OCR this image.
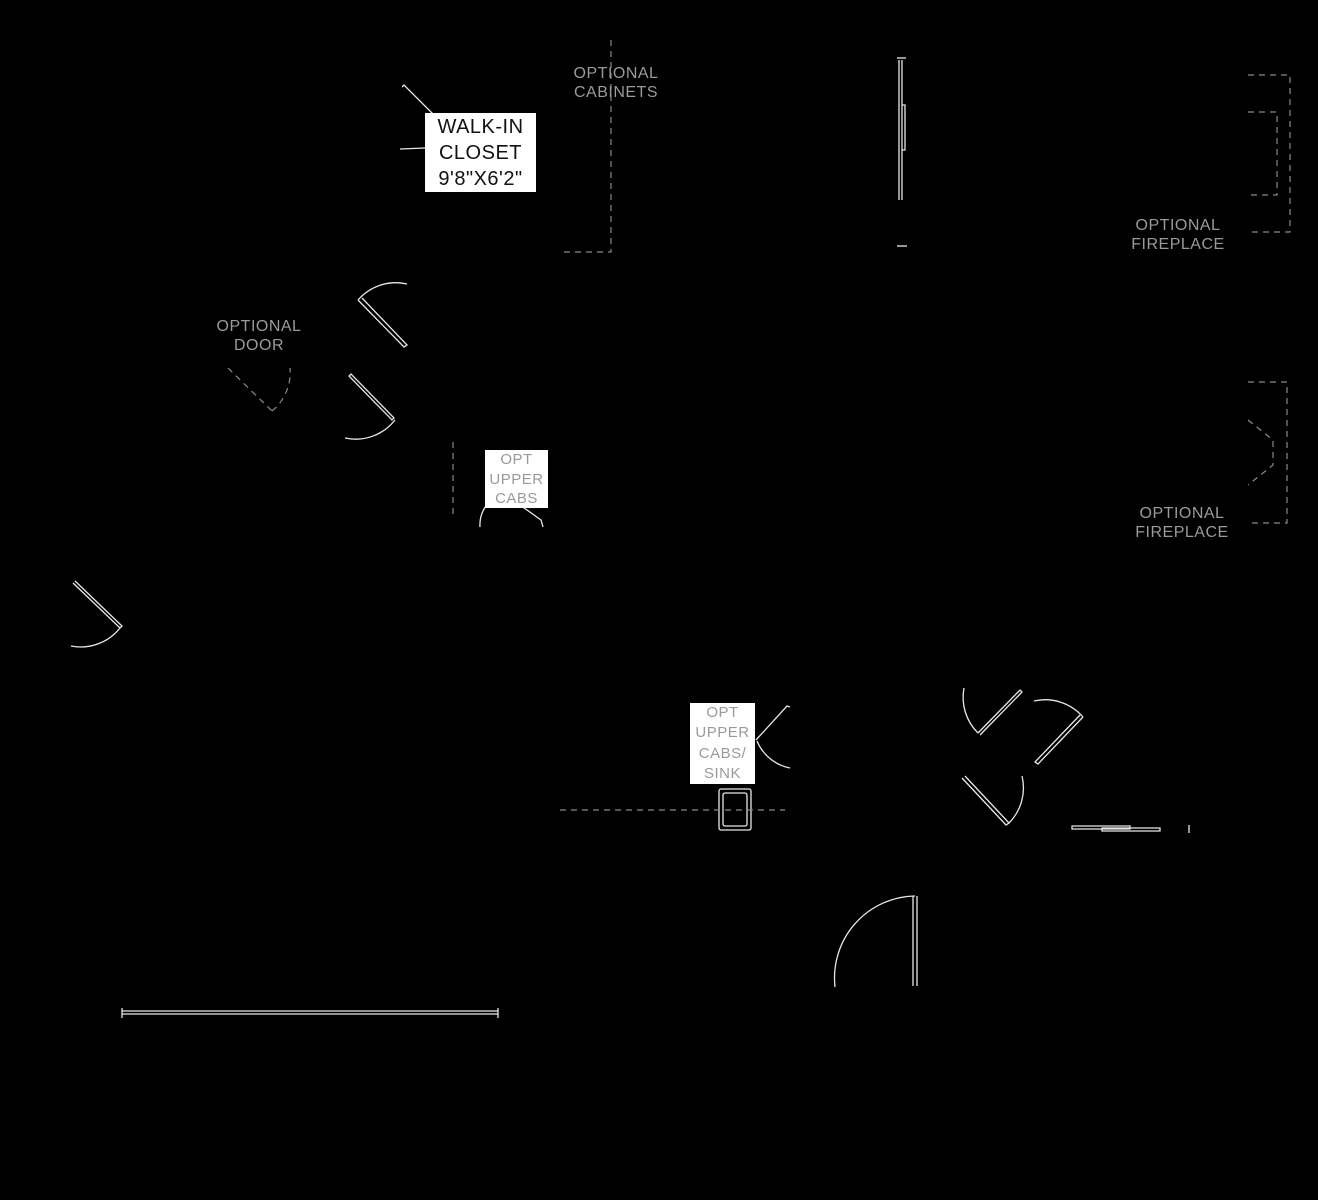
WALK-IN
CLOSET
9'8"X6'2"
OPTIONAL
CABINETS
OPTIONAL
FIREPLACE
OPTIONAL
FIREPLACE
OPTIONAL
DOOR
OPT
UPPER
CABS
OPT
UPPER
CABS/
SINK
